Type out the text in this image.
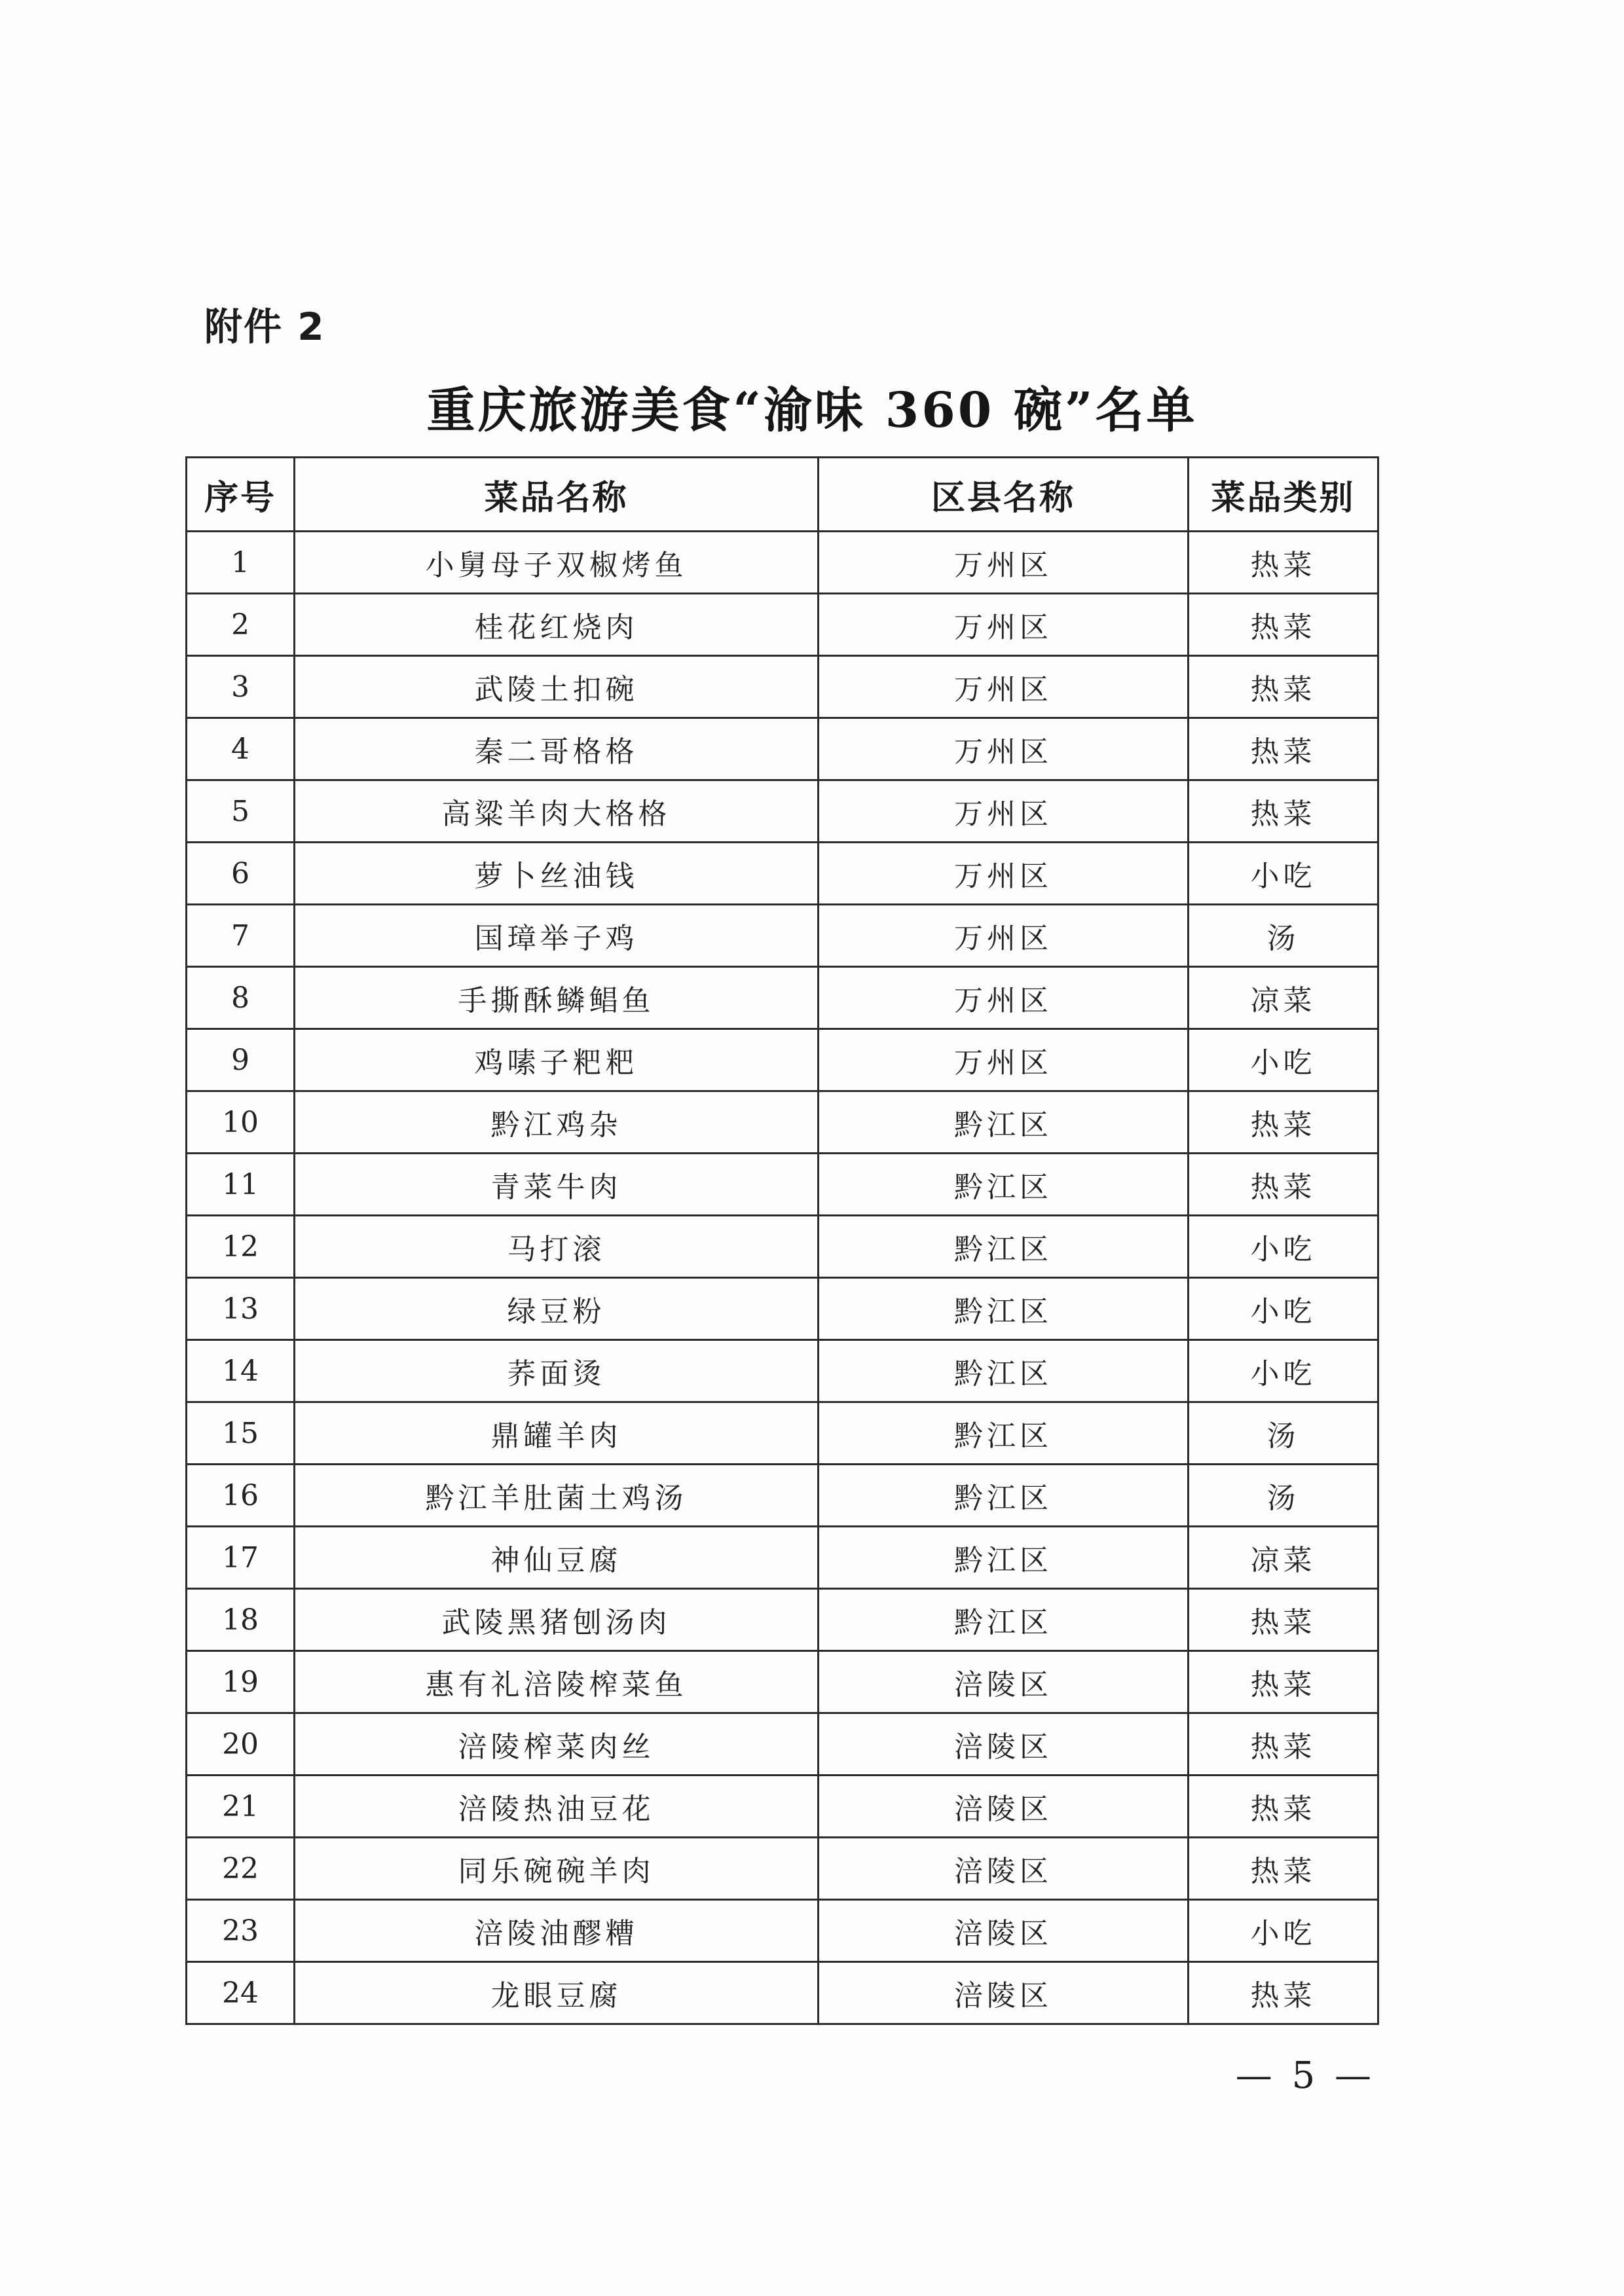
附件 2
重庆旅游美食“渝味 360 碗”名单
序号	菜品名称	区县名称	菜品类别
1	小舅母子双椒烤鱼	万州区	热菜
2	桂花红烧肉	万州区	热菜
3	武陵土扣碗	万州区	热菜
4	秦二哥格格	万州区	热菜
5	高粱羊肉大格格	万州区	热菜
6	萝卜丝油钱	万州区	小吃
7	国璋举子鸡	万州区	汤
8	手撕酥鳞鲳鱼	万州区	凉菜
9	鸡嗉子粑粑	万州区	小吃
10	黔江鸡杂	黔江区	热菜
11	青菜牛肉	黔江区	热菜
12	马打滚	黔江区	小吃
13	绿豆粉	黔江区	小吃
14	荞面烫	黔江区	小吃
15	鼎罐羊肉	黔江区	汤
16	黔江羊肚菌土鸡汤	黔江区	汤
17	神仙豆腐	黔江区	凉菜
18	武陵黑猪刨汤肉	黔江区	热菜
19	惠有礼涪陵榨菜鱼	涪陵区	热菜
20	涪陵榨菜肉丝	涪陵区	热菜
21	涪陵热油豆花	涪陵区	热菜
22	同乐碗碗羊肉	涪陵区	热菜
23	涪陵油醪糟	涪陵区	小吃
24	龙眼豆腐	涪陵区	热菜
— 5 —
